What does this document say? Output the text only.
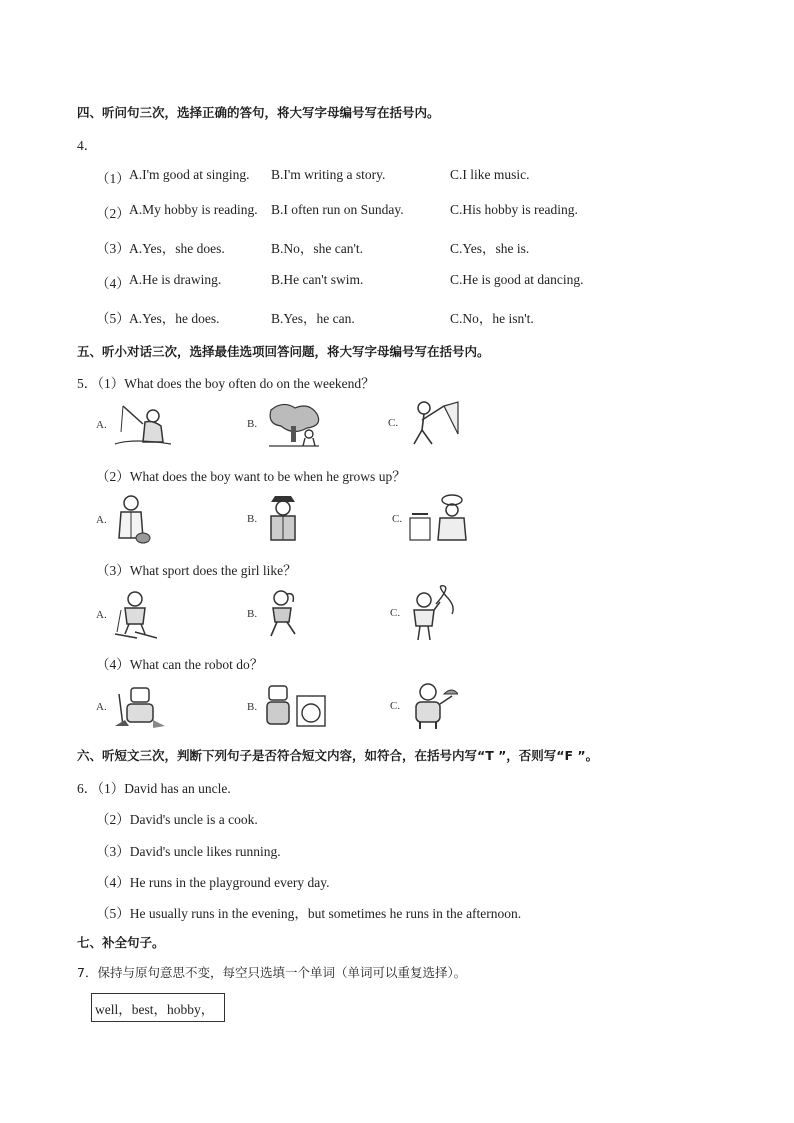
四、听问句三次，选择正确的答句，将大写字母编号写在括号内。
4．
（1） A.I'm good at singing. B.I'm writing a story.	C.I like music.
（2） A.My hobby is reading. B.I often run on Sunday.	C.His hobby is reading.
（3） A.Yes，she does.	B.No，she can't.	C.Yes，she is.
（4） A.He is drawing.	B.He can't swim.	C.He is good at dancing.
（5） A.Yes，he does.	B.Yes，he can.	C.No，he isn't.
五、听小对话三次，选择最佳选项回答问题，将大写字母编号写在括号内。
5．（1）What does the boy often do on the weekend？
A.	B.	C.
（2）What does the boy want to be when he grows up？
A.	B.	C.
（3）What sport does the girl like？
A.	B.	C.
（4）What can the robot do？
A.	B.	C.
六、听短文三次，判断下列句子是否符合短文内容，如符合，在括号内写“T ”，否则写“F ”。
6．（1）David has an uncle.
（2）David's uncle is a cook.
（3）David's uncle likes running.
（4）He runs in the playground every day.
（5）He usually runs in the evening，but sometimes he runs in the afternoon.
七、补全句子。
7．保持与原句意思不变，每空只选填一个单词（单词可以重复选择）。
well，best，hobby，
